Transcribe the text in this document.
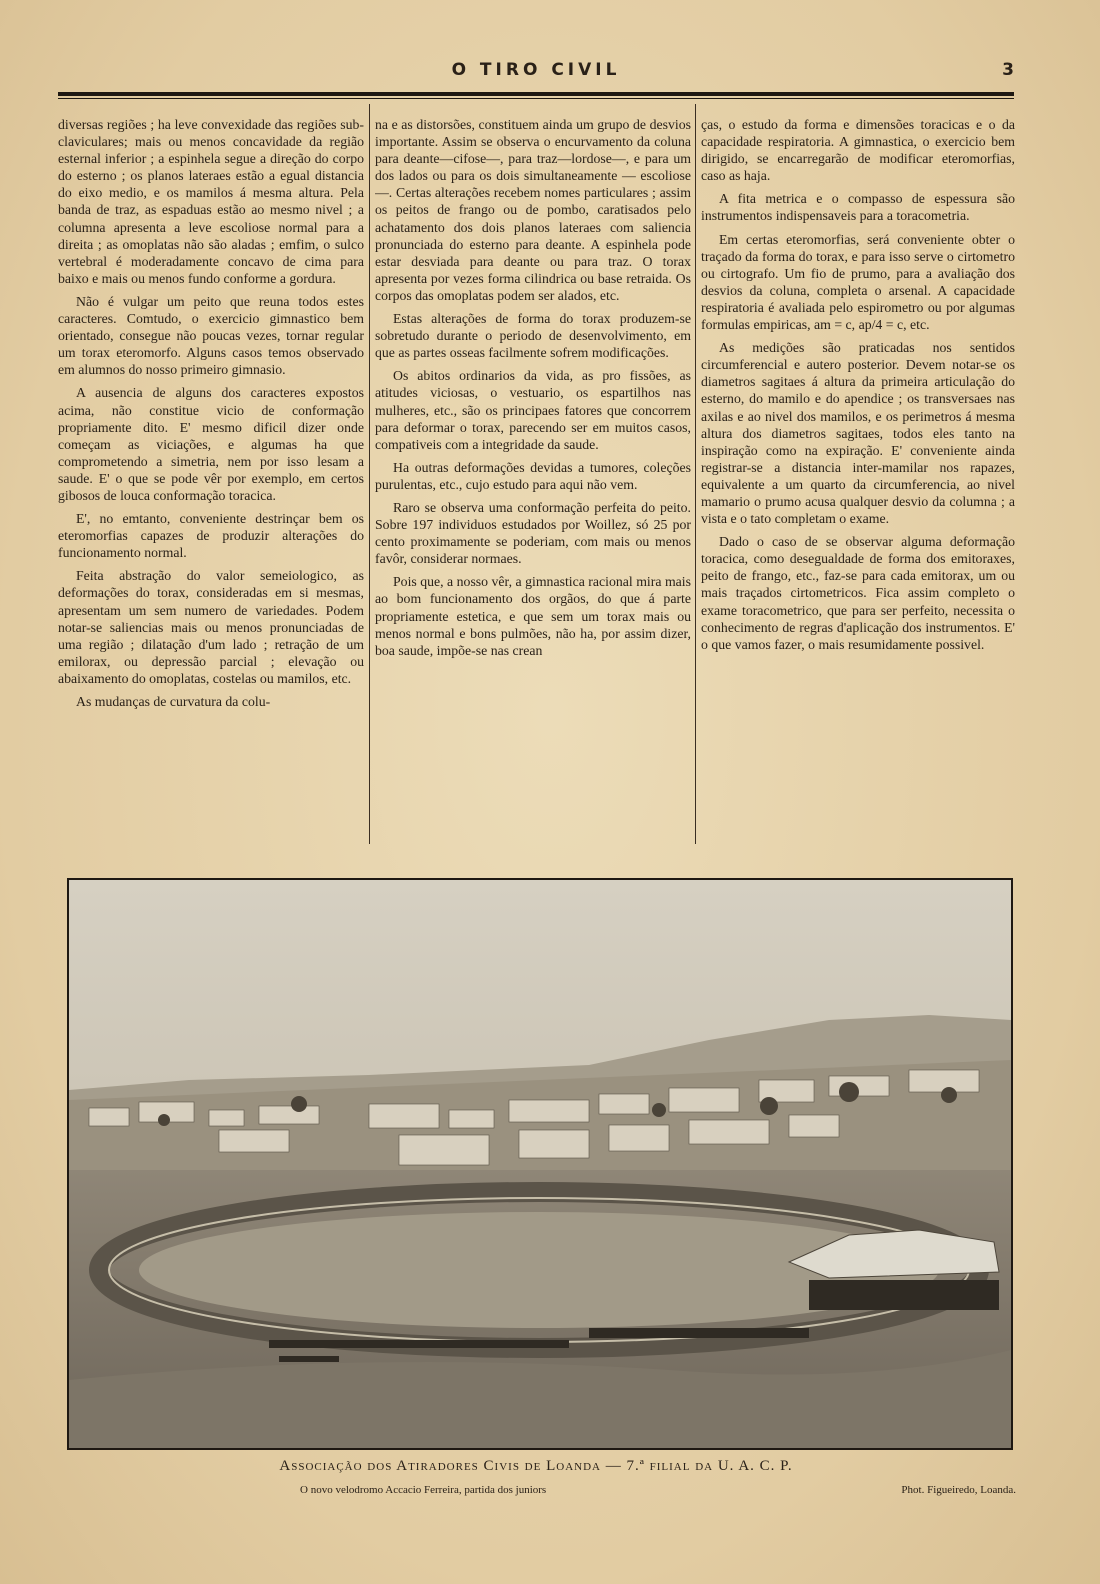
O TIRO CIVIL	3

diversas regiões ; ha leve convexidade das regiões sub-claviculares; mais ou menos concavidade da região esternal inferior ; a espinhela segue a direção do corpo do esterno ; os planos lateraes estão a egual distancia do eixo medio, e os mamilos á mesma altura. Pela banda de traz, as espaduas estão ao mesmo nivel ; a columna apresenta a leve escoliose normal para a direita ; as omoplatas não são aladas ; emfim, o sulco vertebral é moderadamente concavo de cima para baixo e mais ou menos fundo conforme a gordura.

Não é vulgar um peito que reuna todos estes caracteres. Comtudo, o exercicio gimnastico bem orientado, consegue não poucas vezes, tornar regular um torax eteromorfo. Alguns casos temos observado em alumnos do nosso primeiro gimnasio.

A ausencia de alguns dos caracteres expostos acima, não constitue vicio de conformação propriamente dito. E' mesmo dificil dizer onde começam as viciações, e algumas ha que comprometendo a simetria, nem por isso lesam a saude. E' o que se pode vêr por exemplo, em certos gibosos de louca conformação toracica.

E', no emtanto, conveniente destrinçar bem os eteromorfias capazes de produzir alterações do funcionamento normal.

Feita abstração do valor semeiologico, as deformações do torax, consideradas em si mesmas, apresentam um sem numero de variedades. Podem notar-se saliencias mais ou menos pronunciadas de uma região ; dilatação d'um lado ; retração de um emilorax, ou depressão parcial ; elevação ou abaixamento do omoplatas, costelas ou mamilos, etc.

As mudanças de curvatura da colu-

na e as distorsões, constituem ainda um grupo de desvios importante. Assim se observa o encurvamento da coluna para deante—cifose—, para traz—lordose—, e para um dos lados ou para os dois simultaneamente — escoliose —. Certas alterações recebem nomes particulares ; assim os peitos de frango ou de pombo, caratisados pelo achatamento dos dois planos lateraes com saliencia pronunciada do esterno para deante. A espinhela pode estar desviada para deante ou para traz. O torax apresenta por vezes forma cilindrica ou base retraida. Os corpos das omoplatas podem ser alados, etc.

Estas alterações de forma do torax produzem-se sobretudo durante o periodo de desenvolvimento, em que as partes osseas facilmente sofrem modificações.

Os abitos ordinarios da vida, as pro fissões, as atitudes viciosas, o vestuario, os espartilhos nas mulheres, etc., são os principaes fatores que concorrem para deformar o torax, parecendo ser em muitos casos, compativeis com a integridade da saude.

Ha outras deformações devidas a tumores, coleções purulentas, etc., cujo estudo para aqui não vem.

Raro se observa uma conformação perfeita do peito. Sobre 197 individuos estudados por Woillez, só 25 por cento proximamente se poderiam, com mais ou menos favôr, considerar normaes.

Pois que, a nosso vêr, a gimnastica racional mira mais ao bom funcionamento dos orgãos, do que á parte propriamente estetica, e que sem um torax mais ou menos normal e bons pulmões, não ha, por assim dizer, boa saude, impõe-se nas crean

ças, o estudo da forma e dimensões toracicas e o da capacidade respiratoria. A gimnastica, o exercicio bem dirigido, se encarregarão de modificar eteromorfias, caso as haja.

A fita metrica e o compasso de espessura são instrumentos indispensaveis para a toracometria.

Em certas eteromorfias, será conveniente obter o traçado da forma do torax, e para isso serve o cirtometro ou cirtografo. Um fio de prumo, para a avaliação dos desvios da coluna, completa o arsenal. A capacidade respiratoria é avaliada pelo espirometro ou por algumas formulas empiricas, am = c, ap/4 = c, etc.

As medições são praticadas nos sentidos circumferencial e autero posterior. Devem notar-se os diametros sagitaes á altura da primeira articulação do esterno, do mamilo e do apendice ; os transversaes nas axilas e ao nivel dos mamilos, e os perimetros á mesma altura dos diametros sagitaes, todos eles tanto na inspiração como na expiração. E' conveniente ainda registrar-se a distancia inter-mamilar nos rapazes, equivalente a um quarto da circumferencia, ao nivel mamario o prumo acusa qualquer desvio da columna ; a vista e o tato completam o exame.

Dado o caso de se observar alguma deformação toracica, como desegualdade de forma dos emitoraxes, peito de frango, etc., faz-se para cada emitorax, um ou mais traçados cirtometricos. Fica assim completo o exame toracometrico, que para ser perfeito, necessita o conhecimento de regras d'aplicação dos instrumentos. E' o que vamos fazer, o mais resumidamente possivel.

Associação dos Atiradores Civis de Loanda — 7.ª filial da U. A. C. P.
O novo velodromo Accacio Ferreira, partida dos juniors	Phot. Figueiredo, Loanda.
